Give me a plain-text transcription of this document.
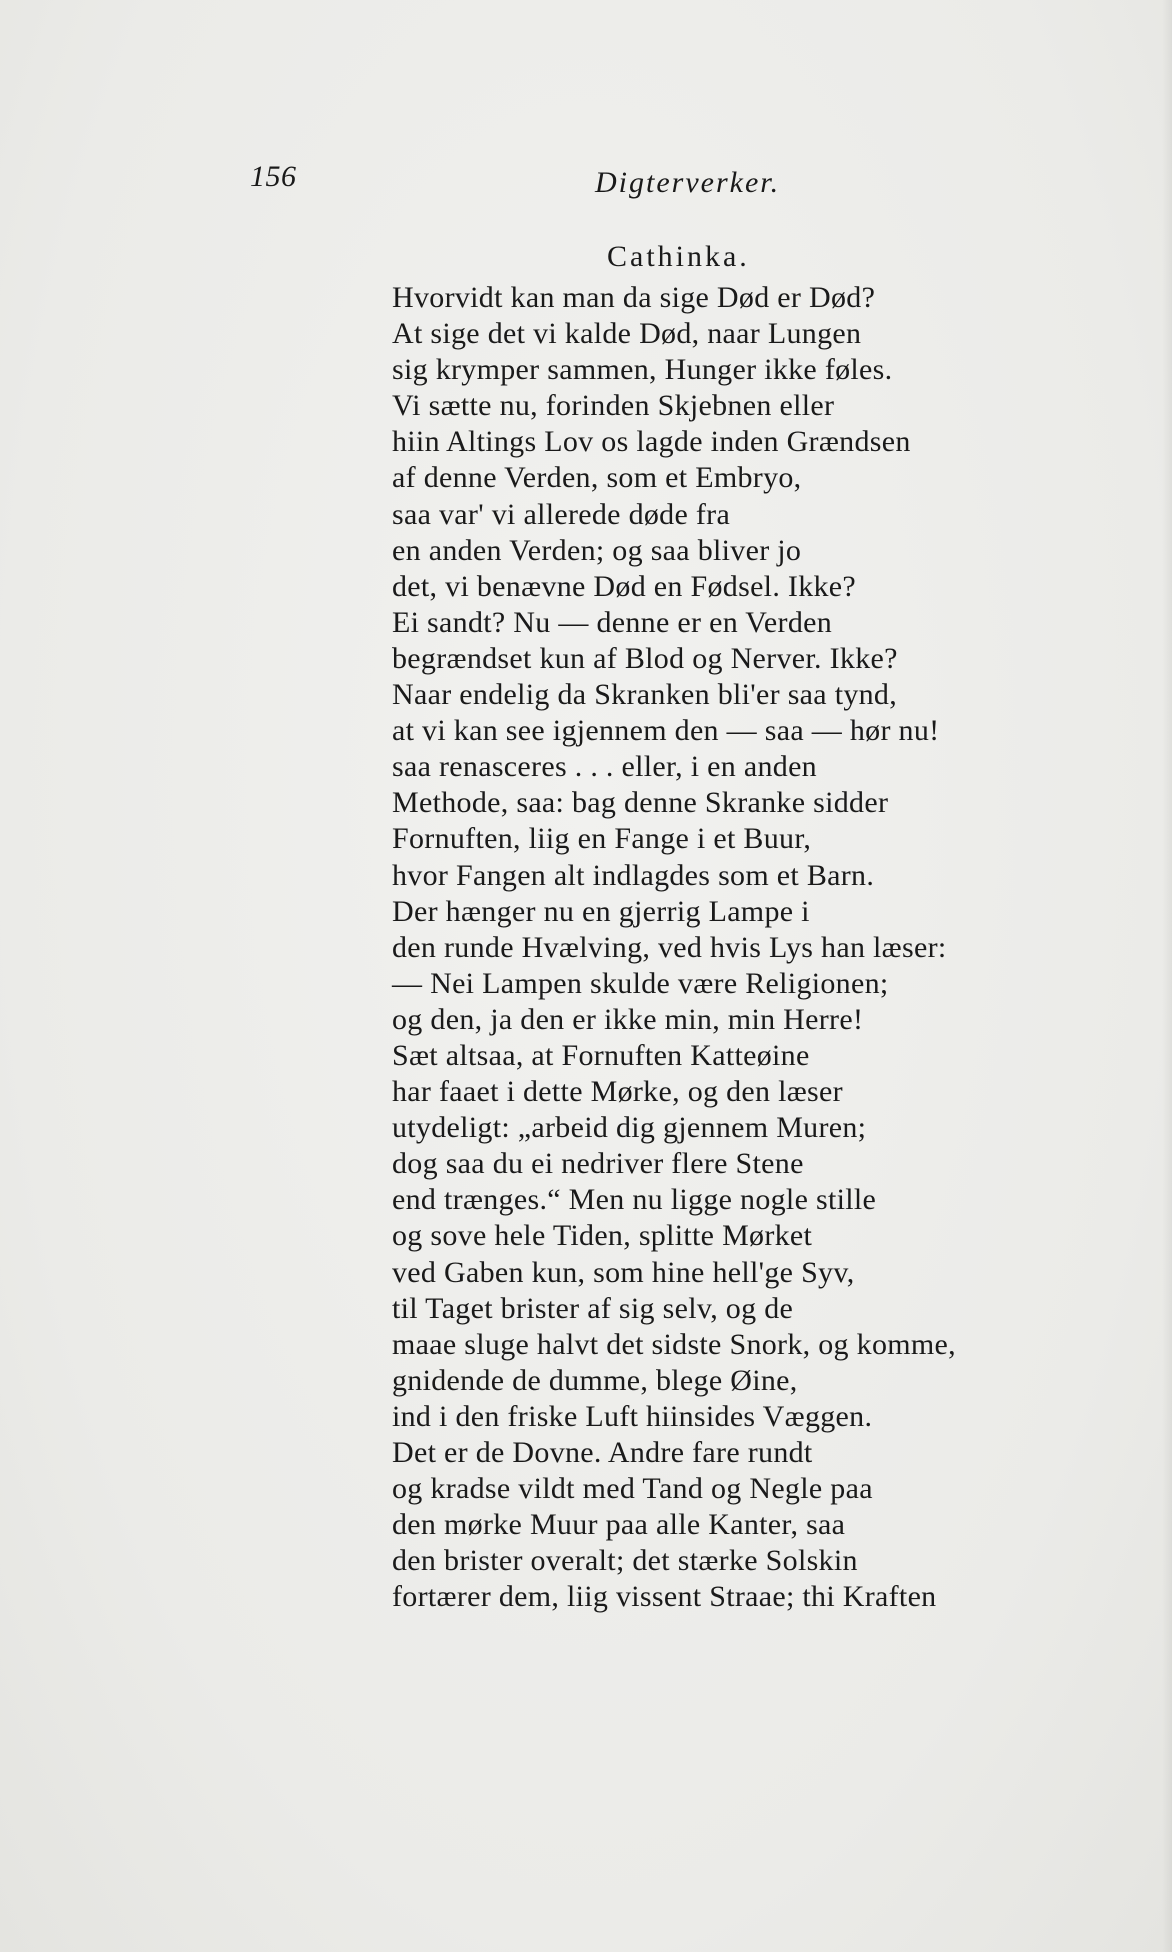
156	Digterverker.
Cathinka.
Hvorvidt kan man da sige Død er Død?
At sige det vi kalde Død, naar Lungen
sig krymper sammen, Hunger ikke føles.
Vi sætte nu, forinden Skjebnen eller
hiin Altings Lov os lagde inden Grændsen
af denne Verden, som et Embryo,
saa var' vi allerede døde fra
en anden Verden; og saa bliver jo
det, vi benævne Død en Fødsel. Ikke?
Ei sandt? Nu — denne er en Verden
begrændset kun af Blod og Nerver. Ikke?
Naar endelig da Skranken bli'er saa tynd,
at vi kan see igjennem den — saa — hør nu!
saa renasceres . . . eller, i en anden
Methode, saa: bag denne Skranke sidder
Fornuften, liig en Fange i et Buur,
hvor Fangen alt indlagdes som et Barn.
Der hænger nu en gjerrig Lampe i
den runde Hvælving, ved hvis Lys han læser:
— Nei Lampen skulde være Religionen;
og den, ja den er ikke min, min Herre!
Sæt altsaa, at Fornuften Katteøine
har faaet i dette Mørke, og den læser
utydeligt: „arbeid dig gjennem Muren;
dog saa du ei nedriver flere Stene
end trænges.“ Men nu ligge nogle stille
og sove hele Tiden, splitte Mørket
ved Gaben kun, som hine hell'ge Syv,
til Taget brister af sig selv, og de
maae sluge halvt det sidste Snork, og komme,
gnidende de dumme, blege Øine,
ind i den friske Luft hiinsides Væggen.
Det er de Dovne. Andre fare rundt
og kradse vildt med Tand og Negle paa
den mørke Muur paa alle Kanter, saa
den brister overalt; det stærke Solskin
fortærer dem, liig vissent Straae; thi Kraften
